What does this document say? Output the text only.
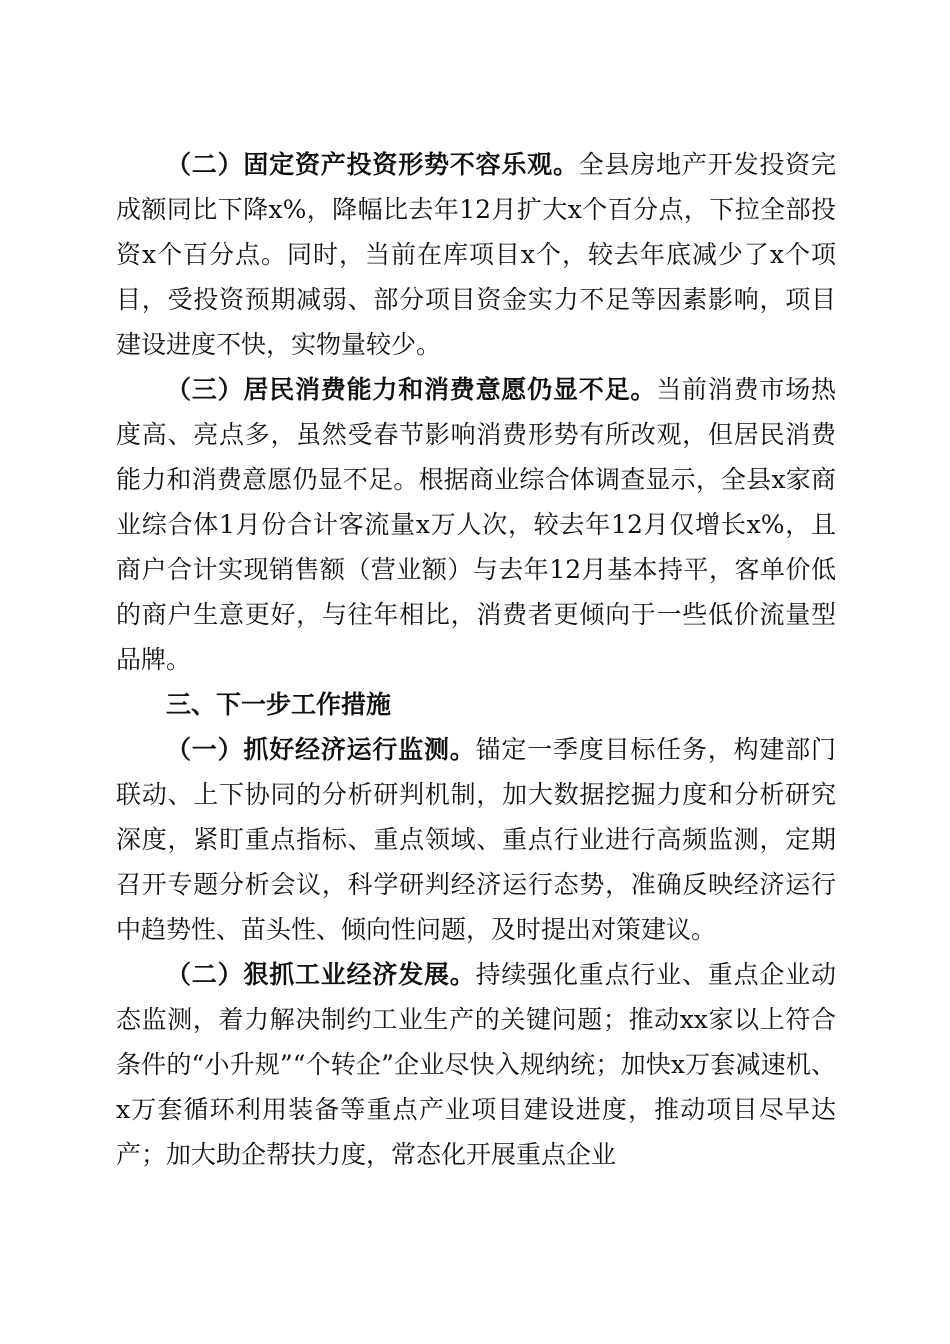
（二）固定资产投资形势不容乐观。全县房地产开发投资完成额同比下降x%，降幅比去年12月扩大x个百分点，下拉全部投资x个百分点。同时，当前在库项目x个，较去年底减少了x个项目，受投资预期减弱、部分项目资金实力不足等因素影响，项目建设进度不快，实物量较少。

（三）居民消费能力和消费意愿仍显不足。当前消费市场热度高、亮点多，虽然受春节影响消费形势有所改观，但居民消费能力和消费意愿仍显不足。根据商业综合体调查显示，全县x家商业综合体1月份合计客流量x万人次，较去年12月仅增长x%，且商户合计实现销售额（营业额）与去年12月基本持平，客单价低的商户生意更好，与往年相比，消费者更倾向于一些低价流量型品牌。

三、下一步工作措施

（一）抓好经济运行监测。锚定一季度目标任务，构建部门联动、上下协同的分析研判机制，加大数据挖掘力度和分析研究深度，紧盯重点指标、重点领域、重点行业进行高频监测，定期召开专题分析会议，科学研判经济运行态势，准确反映经济运行中趋势性、苗头性、倾向性问题，及时提出对策建议。

（二）狠抓工业经济发展。持续强化重点行业、重点企业动态监测，着力解决制约工业生产的关键问题；推动xx家以上符合条件的“小升规”“个转企”企业尽快入规纳统；加快x万套减速机、x万套循环利用装备等重点产业项目建设进度，推动项目尽早达产；加大助企帮扶力度，常态化开展重点企业
